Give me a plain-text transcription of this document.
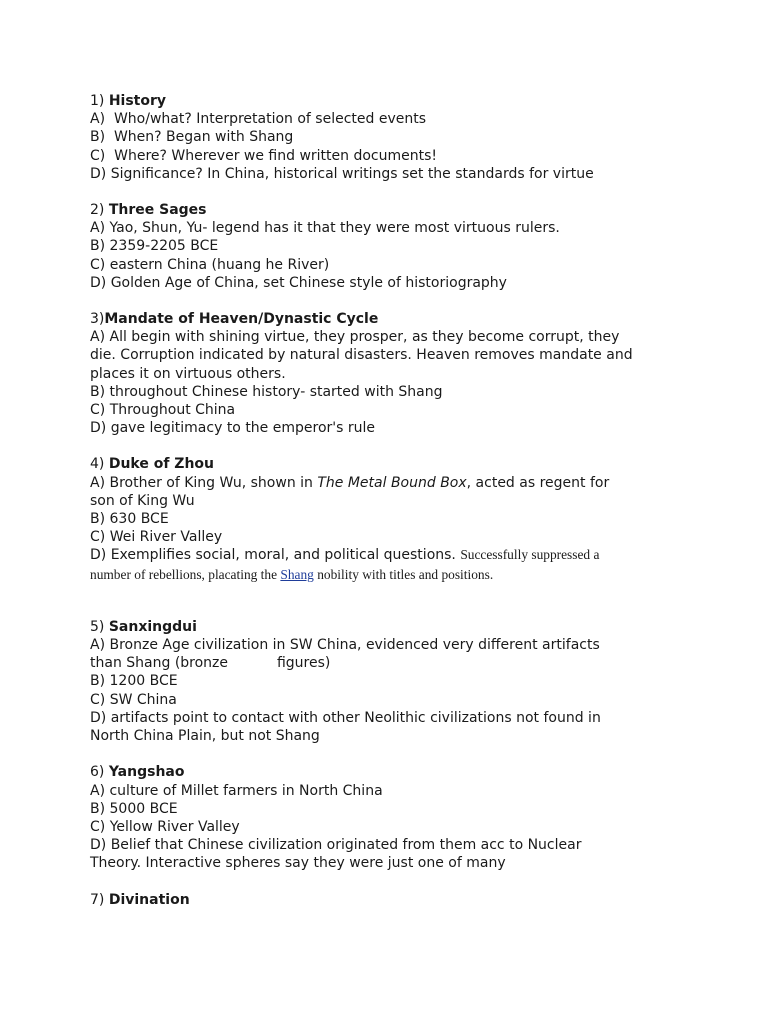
1) History
A)  Who/what? Interpretation of selected events
B)  When? Began with Shang
C)  Where? Wherever we find written documents!
D) Significance? In China, historical writings set the standards for virtue
2) Three Sages
A) Yao, Shun, Yu- legend has it that they were most virtuous rulers.
B) 2359-2205 BCE
C) eastern China (huang he River)
D) Golden Age of China, set Chinese style of historiography
3)Mandate of Heaven/Dynastic Cycle
A) All begin with shining virtue, they prosper, as they become corrupt, they
die. Corruption indicated by natural disasters. Heaven removes mandate and
places it on virtuous others.
B) throughout Chinese history- started with Shang
C) Throughout China
D) gave legitimacy to the emperor's rule
4) Duke of Zhou
A) Brother of King Wu, shown in The Metal Bound Box, acted as regent for
son of King Wu
B) 630 BCE
C) Wei River Valley
D) Exemplifies social, moral, and political questions. Successfully suppressed a
number of rebellions, placating the Shang nobility with titles and positions.
5) Sanxingdui
A) Bronze Age civilization in SW China, evidenced very different artifacts
than Shang (bronze           figures)
B) 1200 BCE
C) SW China
D) artifacts point to contact with other Neolithic civilizations not found in
North China Plain, but not Shang
6) Yangshao
A) culture of Millet farmers in North China
B) 5000 BCE
C) Yellow River Valley
D) Belief that Chinese civilization originated from them acc to Nuclear
Theory. Interactive spheres say they were just one of many
7) Divination
